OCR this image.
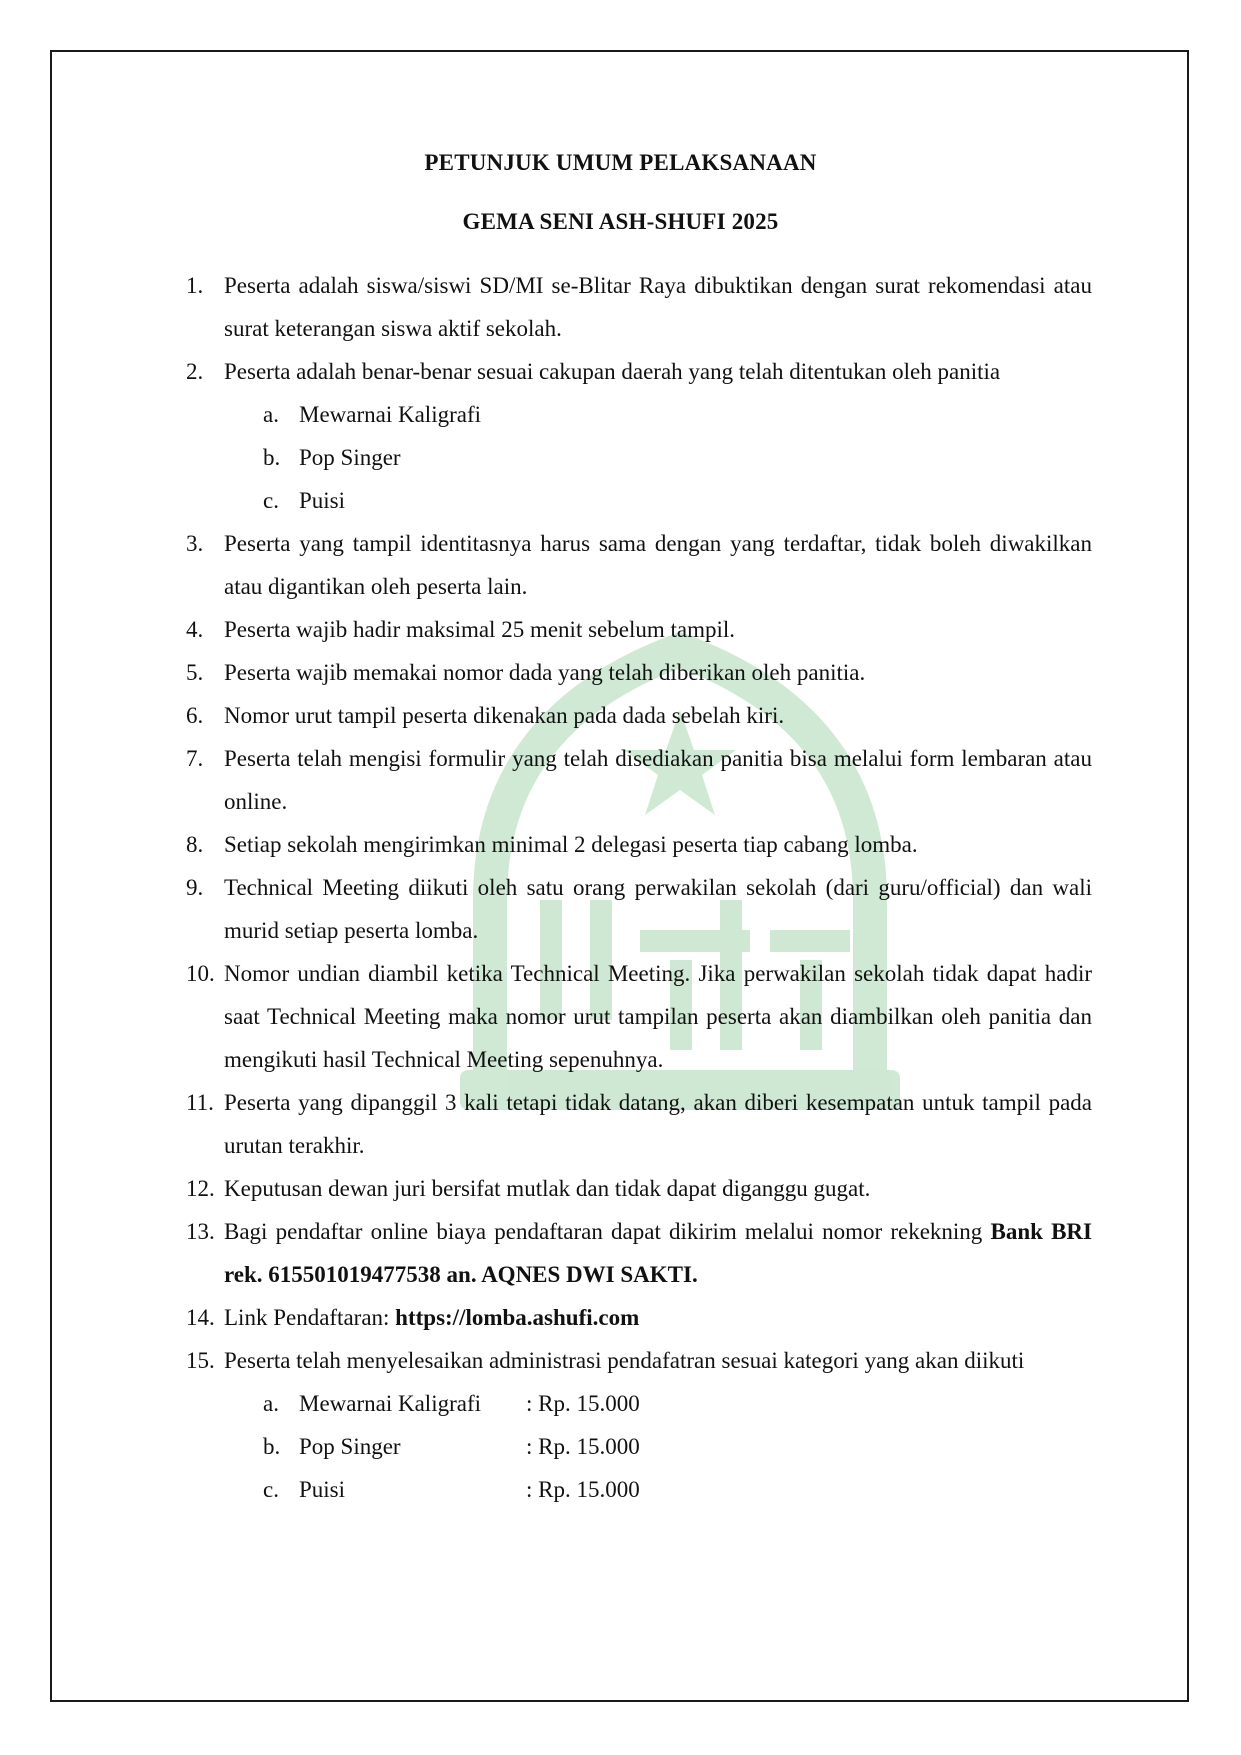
PETUNJUK UMUM PELAKSANAAN
GEMA SENI ASH-SHUFI 2025
1. Peserta adalah siswa/siswi SD/MI se-Blitar Raya dibuktikan dengan surat rekomendasi atau surat keterangan siswa aktif sekolah.
2. Peserta adalah benar-benar sesuai cakupan daerah yang telah ditentukan oleh panitia
a. Mewarnai Kaligrafi
b. Pop Singer
c. Puisi
3. Peserta yang tampil identitasnya harus sama dengan yang terdaftar, tidak boleh diwakilkan atau digantikan oleh peserta lain.
4. Peserta wajib hadir maksimal 25 menit sebelum tampil.
5. Peserta wajib memakai nomor dada yang telah diberikan oleh panitia.
6. Nomor urut tampil peserta dikenakan pada dada sebelah kiri.
7. Peserta telah mengisi formulir yang telah disediakan panitia bisa melalui form lembaran atau online.
8. Setiap sekolah mengirimkan minimal 2 delegasi peserta tiap cabang lomba.
9. Technical Meeting diikuti oleh satu orang perwakilan sekolah (dari guru/official) dan wali murid setiap peserta lomba.
10. Nomor undian diambil ketika Technical Meeting. Jika perwakilan sekolah tidak dapat hadir saat Technical Meeting maka nomor urut tampilan peserta akan diambilkan oleh panitia dan mengikuti hasil Technical Meeting sepenuhnya.
11. Peserta yang dipanggil 3 kali tetapi tidak datang, akan diberi kesempatan untuk tampil pada urutan terakhir.
12. Keputusan dewan juri bersifat mutlak dan tidak dapat diganggu gugat.
13. Bagi pendaftar online biaya pendaftaran dapat dikirim melalui nomor rekekning Bank BRI rek. 615501019477538 an. AQNES DWI SAKTI.
14. Link Pendaftaran: https://lomba.ashufi.com
15. Peserta telah menyelesaikan administrasi pendafatran sesuai kategori yang akan diikuti
a. Mewarnai Kaligrafi : Rp. 15.000
b. Pop Singer	: Rp. 15.000
c. Puisi	: Rp. 15.000
